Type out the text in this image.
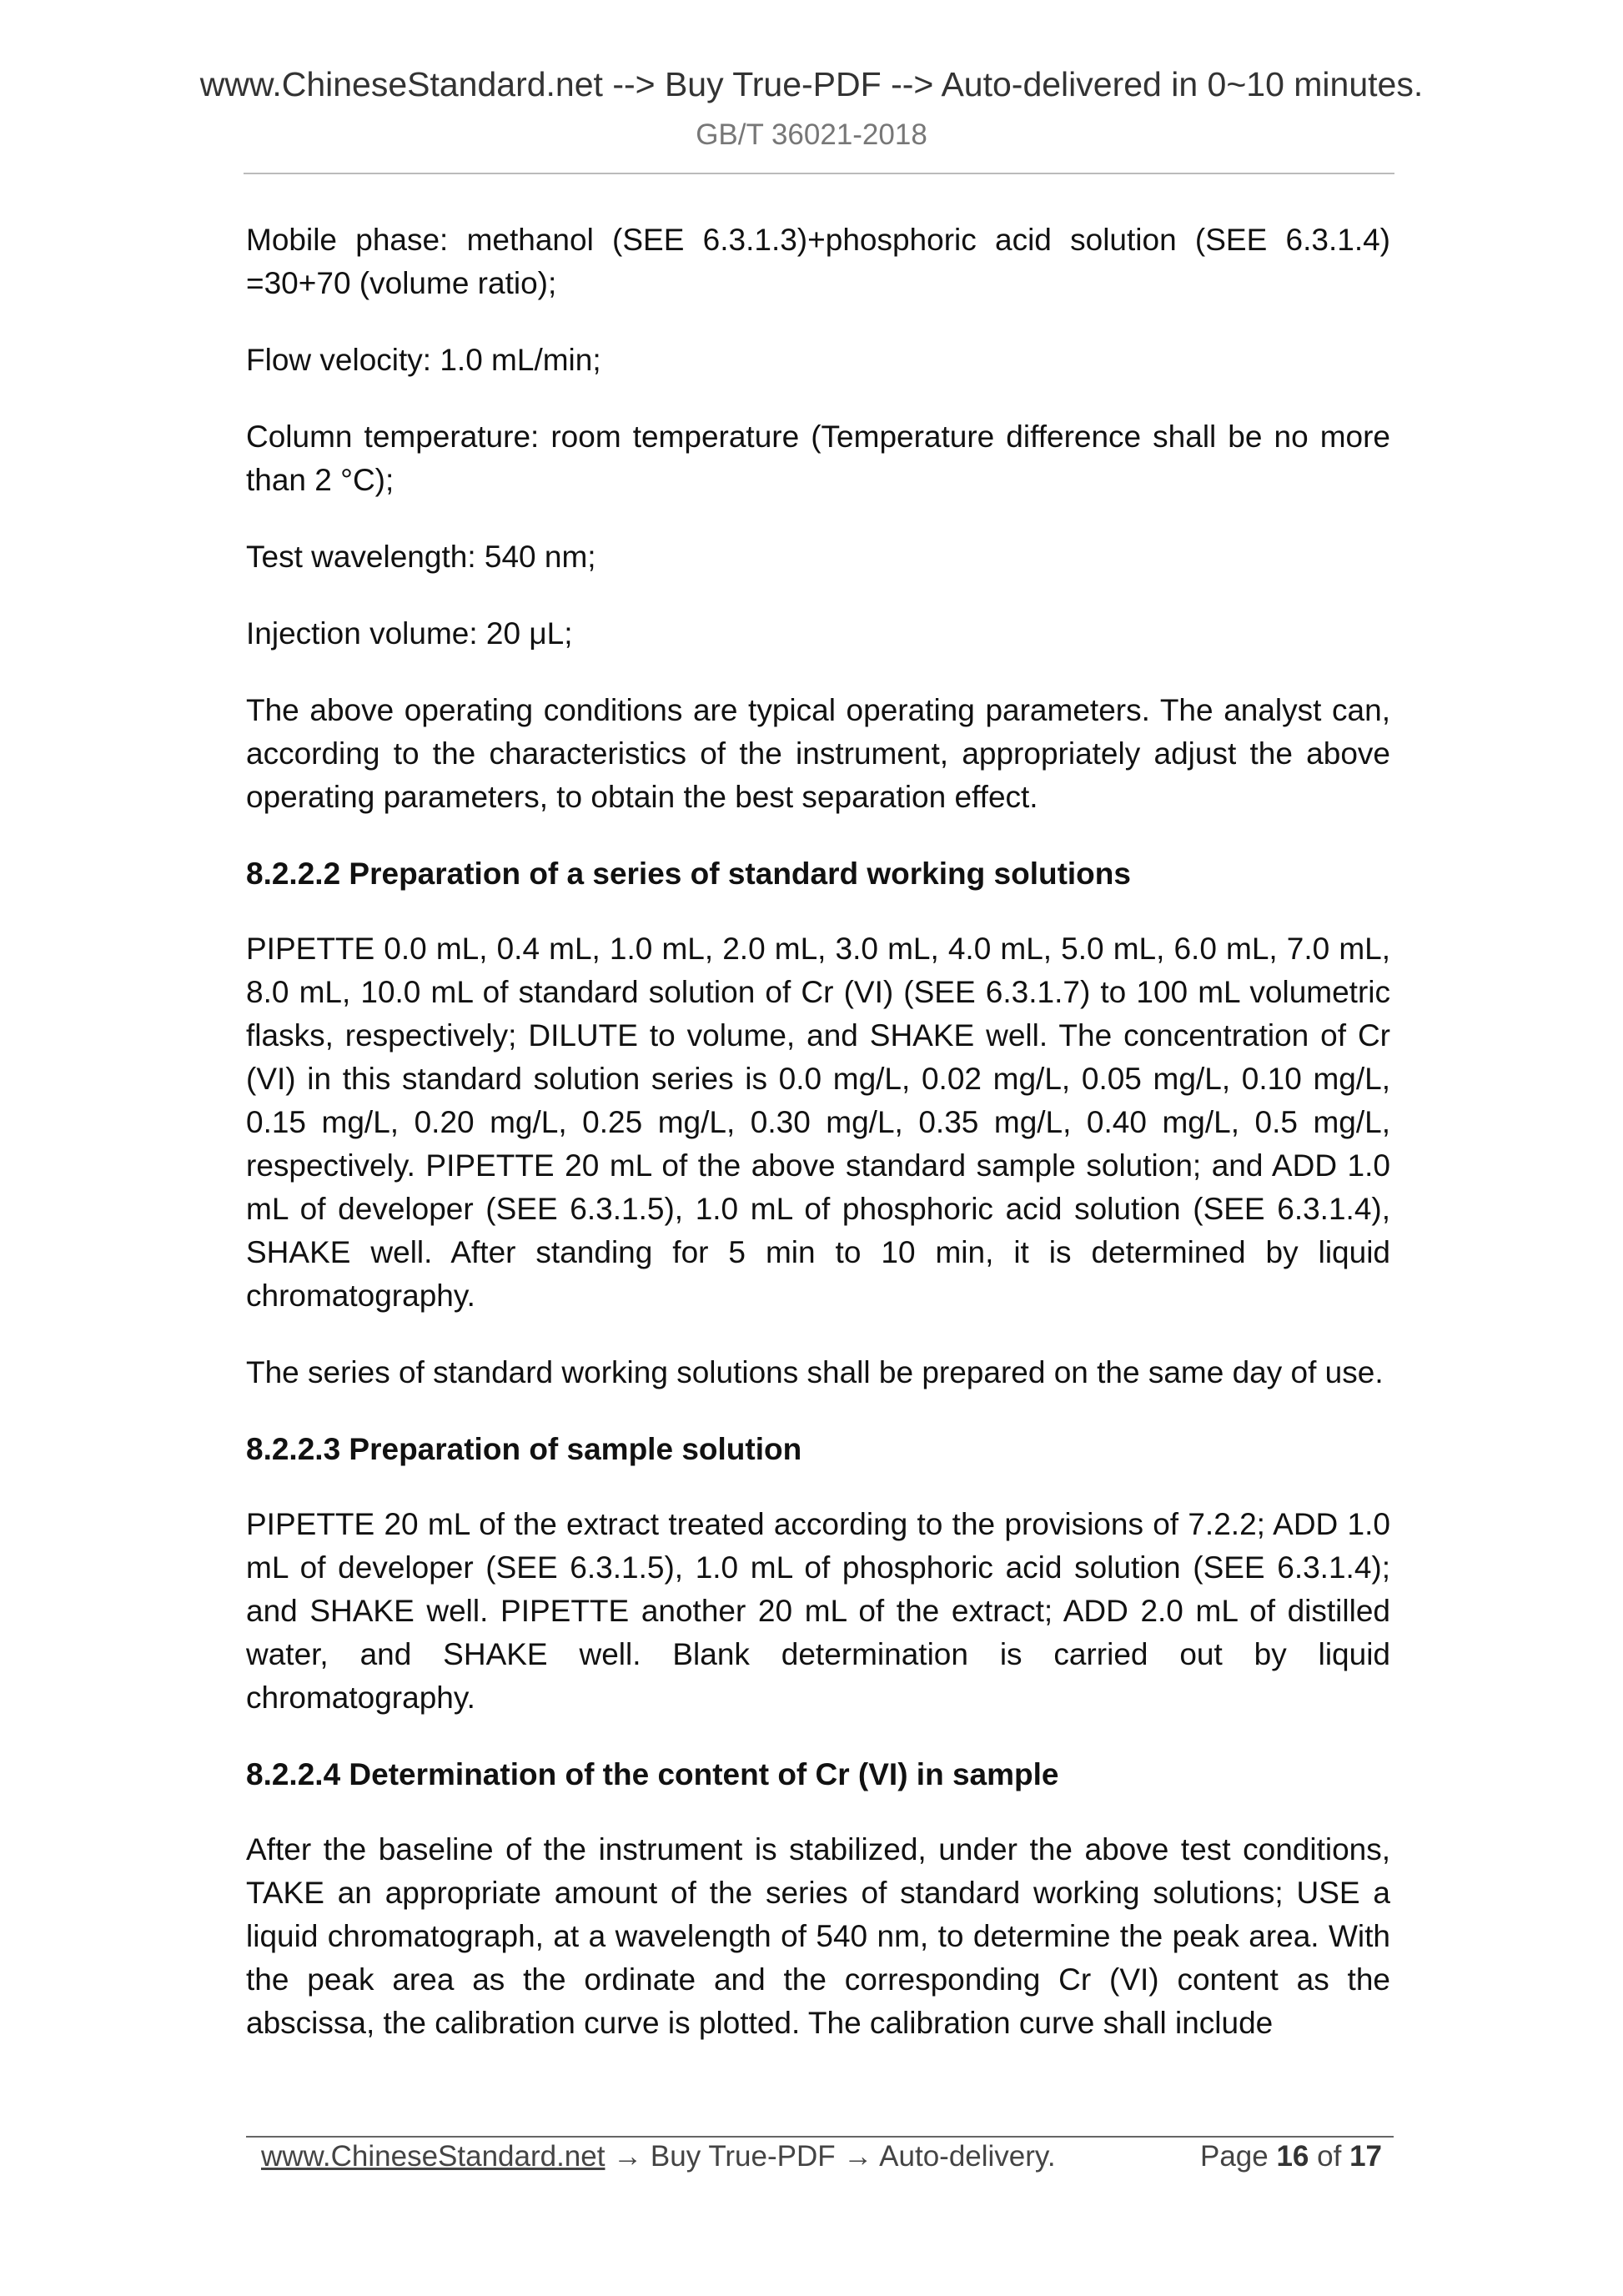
www.ChineseStandard.net --> Buy True-PDF --> Auto-delivered in 0~10 minutes.
GB/T 36021-2018

Mobile phase: methanol (SEE 6.3.1.3)+phosphoric acid solution (SEE 6.3.1.4) =30+70 (volume ratio);

Flow velocity: 1.0 mL/min;

Column temperature: room temperature (Temperature difference shall be no more than 2 °C);

Test wavelength: 540 nm;

Injection volume: 20 μL;

The above operating conditions are typical operating parameters. The analyst can, according to the characteristics of the instrument, appropriately adjust the above operating parameters, to obtain the best separation effect.

8.2.2.2 Preparation of a series of standard working solutions

PIPETTE 0.0 mL, 0.4 mL, 1.0 mL, 2.0 mL, 3.0 mL, 4.0 mL, 5.0 mL, 6.0 mL, 7.0 mL, 8.0 mL, 10.0 mL of standard solution of Cr (VI) (SEE 6.3.1.7) to 100 mL volumetric flasks, respectively; DILUTE to volume, and SHAKE well. The concentration of Cr (VI) in this standard solution series is 0.0 mg/L, 0.02 mg/L, 0.05 mg/L, 0.10 mg/L, 0.15 mg/L, 0.20 mg/L, 0.25 mg/L, 0.30 mg/L, 0.35 mg/L, 0.40 mg/L, 0.5 mg/L, respectively. PIPETTE 20 mL of the above standard sample solution; and ADD 1.0 mL of developer (SEE 6.3.1.5), 1.0 mL of phosphoric acid solution (SEE 6.3.1.4), SHAKE well. After standing for 5 min to 10 min, it is determined by liquid chromatography.

The series of standard working solutions shall be prepared on the same day of use.

8.2.2.3 Preparation of sample solution

PIPETTE 20 mL of the extract treated according to the provisions of 7.2.2; ADD 1.0 mL of developer (SEE 6.3.1.5), 1.0 mL of phosphoric acid solution (SEE 6.3.1.4); and SHAKE well. PIPETTE another 20 mL of the extract; ADD 2.0 mL of distilled water, and SHAKE well. Blank determination is carried out by liquid chromatography.

8.2.2.4 Determination of the content of Cr (VI) in sample

After the baseline of the instrument is stabilized, under the above test conditions, TAKE an appropriate amount of the series of standard working solutions; USE a liquid chromatograph, at a wavelength of 540 nm, to determine the peak area. With the peak area as the ordinate and the corresponding Cr (VI) content as the abscissa, the calibration curve is plotted. The calibration curve shall include

www.ChineseStandard.net → Buy True-PDF → Auto-delivery.	Page 16 of 17
